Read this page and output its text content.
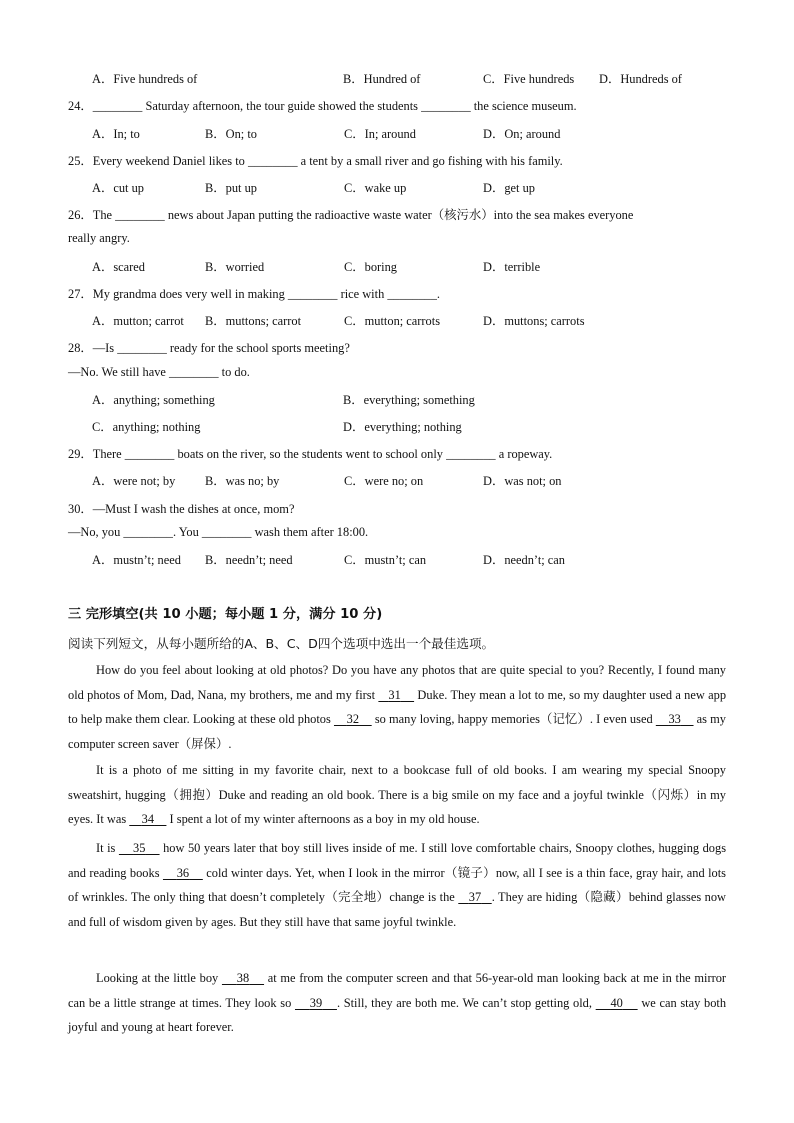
A．Five hundreds of	B．Hundred of	C．Five hundreds D．Hundreds of
24．________ Saturday afternoon, the tour guide showed the students ________ the science museum.
A．In; to	B．On; to	C．In; around	D．On; around
25．Every weekend Daniel likes to ________ a tent by a small river and go fishing with his family.
A．cut up	B．put up	C．wake up	D．get up
26．The ________ news about Japan putting the radioactive waste water（核污水）into the sea makes everyone
really angry.
A．scared	B．worried	C．boring	D．terrible
27．My grandma does very well in making ________ rice with ________.
A．mutton; carrot B．muttons; carrot	C．mutton; carrots	D．muttons; carrots
28．—Is ________ ready for the school sports meeting?
—No. We still have ________ to do.
A．anything; something	B．everything; something
C．anything; nothing	D．everything; nothing
29．There ________ boats on the river, so the students went to school only ________ a ropeway.
A．were not; by B．was no; by	C．were no; on	D．was not; on
30．—Must I wash the dishes at once, mom?
—No, you ________. You ________ wash them after 18:00.
A．mustn’t; need B．needn’t; need	C．mustn’t; can	D．needn’t; can
三 完形填空(共 10 小题；每小题 1 分，满分 10 分)
阅读下列短文，从每小题所给的A、B、C、D四个选项中选出一个最佳选项。
How do you feel about looking at old photos? Do you have any photos that are quite special to you? Recently, I found many old photos of Mom, Dad, Nana, my brothers, me and my first    31     Duke. They mean a lot to me, so my daughter used a new app to help make them clear. Looking at these old photos     32     so many loving, happy memories（记忆）. I even used     33     as my computer screen saver（屏保）.
It is a photo of me sitting in my favorite chair, next to a bookcase full of old books. I am wearing my special Snoopy sweatshirt, hugging（拥抱）Duke and reading an old book. There is a big smile on my face and a joyful twinkle（闪烁）in my eyes. It was     34     I spent a lot of my winter afternoons as a boy in my old house.
It is     35     how 50 years later that boy still lives inside of me. I still love comfortable chairs, Snoopy clothes, hugging dogs and reading books     36     cold winter days. Yet, when I look in the mirror（镜子）now, all I see is a thin face, gray hair, and lots of wrinkles. The only thing that doesn’t completely（完全地）change is the    37 . They are hiding（隐藏）behind glasses now and full of wisdom given by ages. But they still have that same joyful twinkle.
Looking at the little boy     38     at me from the computer screen and that 56-year-old man looking back at me in the mirror can be a little strange at times. They look so     39 . Still, they are both me. We can’t stop getting old,     40     we can stay both joyful and young at heart forever.
